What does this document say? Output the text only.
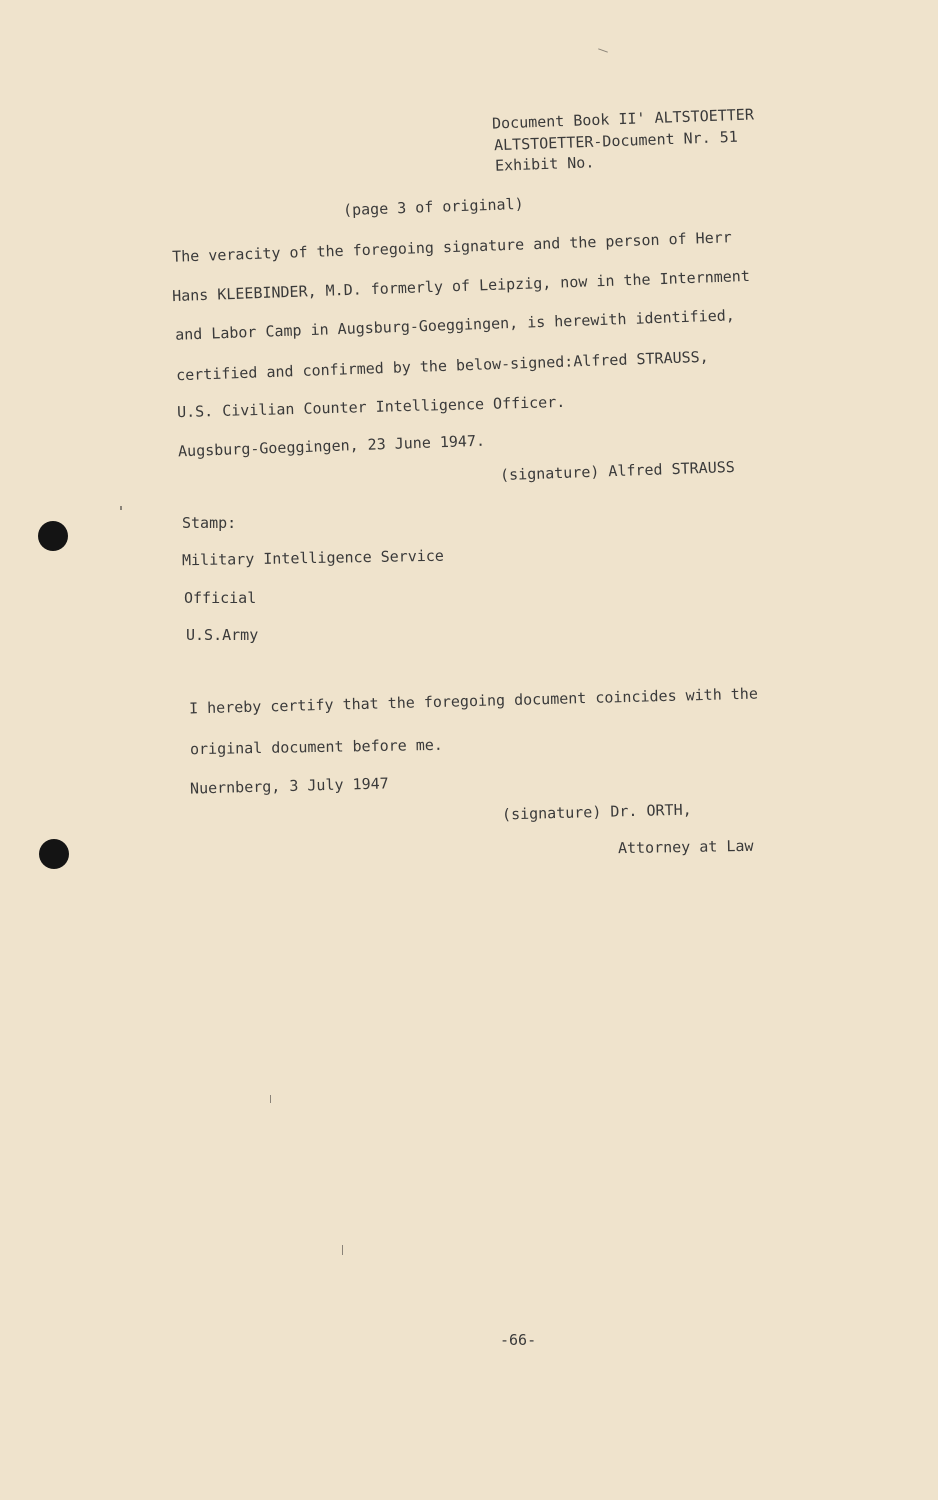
Document Book II' ALTSTOETTER
ALTSTOETTER-Document Nr. 51
Exhibit No.
(page 3 of original)
The veracity of the foregoing signature and the person of Herr
Hans KLEEBINDER, M.D. formerly of Leipzig, now in the Internment
and Labor Camp in Augsburg-Goeggingen, is herewith identified,
certified and confirmed by the below-signed:Alfred STRAUSS,
U.S. Civilian Counter Intelligence Officer.
Augsburg-Goeggingen, 23 June 1947.
(signature) Alfred STRAUSS
Stamp:
Military Intelligence Service
Official
U.S.Army
I hereby certify that the foregoing document coincides with the
original document before me.
Nuernberg, 3 July 1947
(signature) Dr. ORTH,
Attorney at Law
-66-
